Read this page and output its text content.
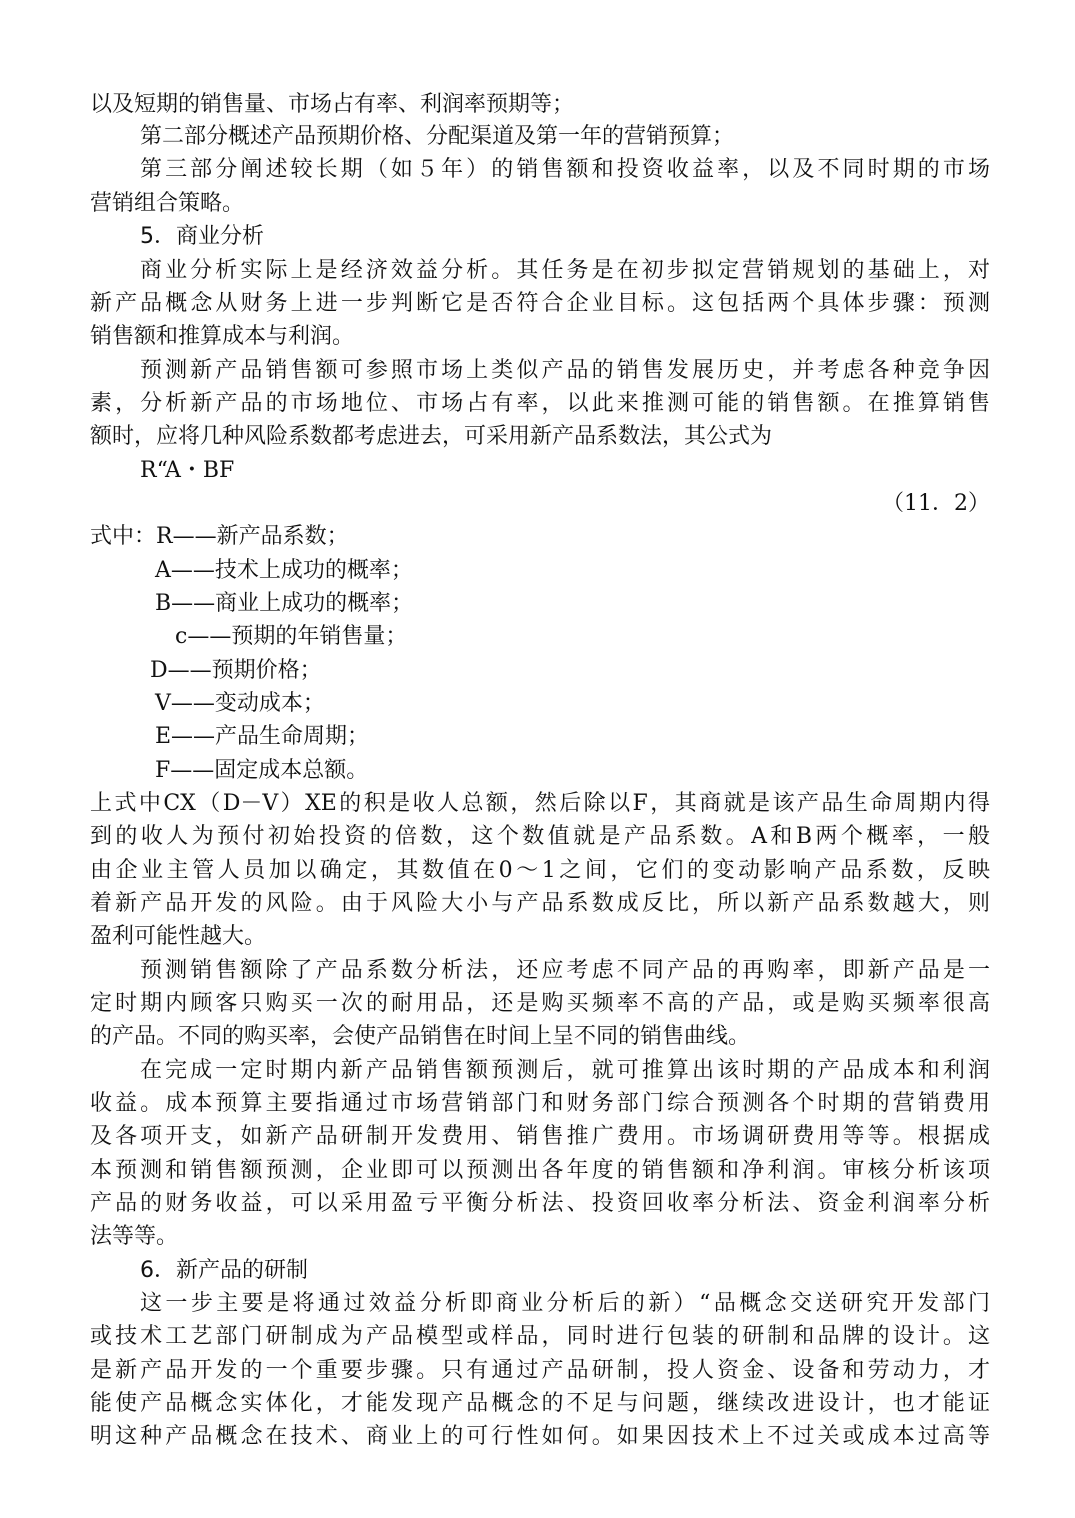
以及短期的销售量、市场占有率、利润率预期等；
第二部分概述产品预期价格、分配渠道及第一年的营销预算；
第三部分阐述较长期（如５年）的销售额和投资收益率，以及不同时期的市场
营销组合策略。
5．商业分析
商业分析实际上是经济效益分析。其任务是在初步拟定营销规划的基础上，对
新产品概念从财务上进一步判断它是否符合企业目标。这包括两个具体步骤：预测
销售额和推算成本与利润。
预测新产品销售额可参照市场上类似产品的销售发展历史，并考虑各种竞争因
素，分析新产品的市场地位、市场占有率，以此来推测可能的销售额。在推算销售
额时，应将几种风险系数都考虑进去，可采用新产品系数法，其公式为
R“A・BF
（11．2）
式中：R——新产品系数；
A——技术上成功的概率；
B——商业上成功的概率；
c——预期的年销售量；
D——预期价格；
V——变动成本；
E——产品生命周期；
F——固定成本总额。
上式中CX（D－V）XE的积是收人总额，然后除以F，其商就是该产品生命周期内得
到的收人为预付初始投资的倍数，这个数值就是产品系数。A和B两个概率，一般
由企业主管人员加以确定，其数值在0～1之间，它们的变动影响产品系数，反映
着新产品开发的风险。由于风险大小与产品系数成反比，所以新产品系数越大，则
盈利可能性越大。
预测销售额除了产品系数分析法，还应考虑不同产品的再购率，即新产品是一
定时期内顾客只购买一次的耐用品，还是购买频率不高的产品，或是购买频率很高
的产品。不同的购买率，会使产品销售在时间上呈不同的销售曲线。
在完成一定时期内新产品销售额预测后，就可推算出该时期的产品成本和利润
收益。成本预算主要指通过市场营销部门和财务部门综合预测各个时期的营销费用
及各项开支，如新产品研制开发费用、销售推广费用。市场调研费用等等。根据成
本预测和销售额预测，企业即可以预测出各年度的销售额和净利润。审核分析该项
产品的财务收益，可以采用盈亏平衡分析法、投资回收率分析法、资金利润率分析
法等等。
6．新产品的研制
这一步主要是将通过效益分析即商业分析后的新）“品概念交送研究开发部门
或技术工艺部门研制成为产品模型或样品，同时进行包装的研制和品牌的设计。这
是新产品开发的一个重要步骤。只有通过产品研制，投人资金、设备和劳动力，才
能使产品概念实体化，才能发现产品概念的不足与问题，继续改进设计，也才能证
明这种产品概念在技术、商业上的可行性如何。如果因技术上不过关或成本过高等
